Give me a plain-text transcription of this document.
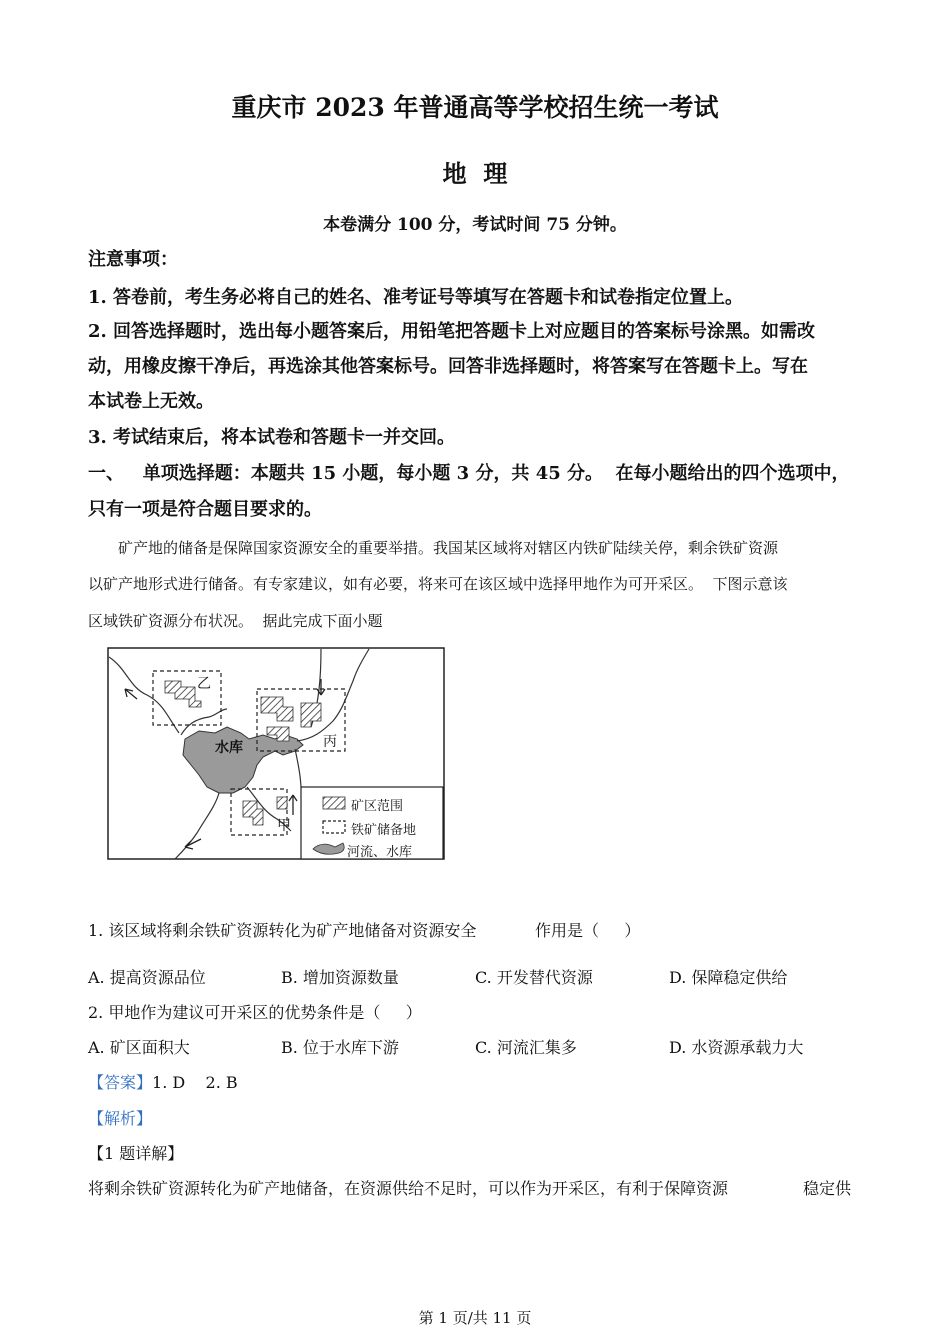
重庆市 2023 年普通高等学校招生统一考试
地  理
本卷满分 100 分，考试时间 75 分钟。
注意事项：
1. 答卷前，考生务必将自己的姓名、准考证号等填写在答题卡和试卷指定位置上。
2. 回答选择题时，选出每小题答案后，用铅笔把答题卡上对应题目的答案标号涂黑。如需改
动，用橡皮擦干净后，再选涂其他答案标号。回答非选择题时，将答案写在答题卡上。写在
本试卷上无效。
3. 考试结束后，将本试卷和答题卡一并交回。
一、   单项选择题：本题共 15 小题，每小题 3 分，共 45 分。  在每小题给出的四个选项中，
只有一项是符合题目要求的。
矿产地的储备是保障国家资源安全的重要举措。我国某区域将对辖区内铁矿陆续关停，剩余铁矿资源
以矿产地形式进行储备。有专家建议，如有必要，将来可在该区域中选择甲地作为可开采区。  下图示意该
区域铁矿资源分布状况。  据此完成下面小题
水库
乙
丙
甲
矿区范围
铁矿储备地
河流、水库
1. 该区域将剩余铁矿资源转化为矿产地储备对资源安全	作用是（     ）
A. 提高资源品位	B. 增加资源数量	C. 开发替代资源	D. 保障稳定供给
2. 甲地作为建议可开采区的优势条件是（     ）
A. 矿区面积大	B. 位于水库下游	C. 河流汇集多	D. 水资源承载力大
【答案】1. D    2. B
【解析】
【1 题详解】
将剩余铁矿资源转化为矿产地储备，在资源供给不足时，可以作为开采区，有利于保障资源	稳定供
第 1 页/共 11 页
